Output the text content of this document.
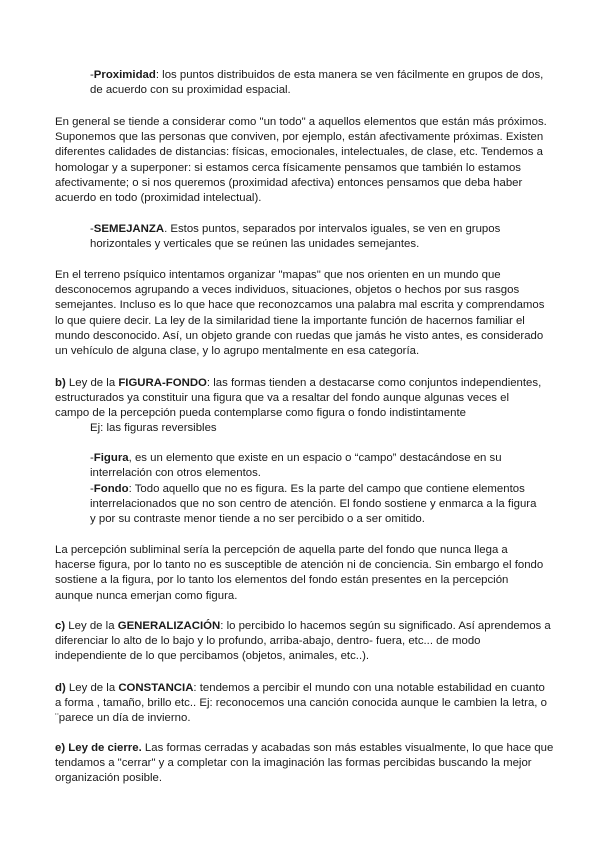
-Proximidad: los puntos distribuidos de esta manera se ven fácilmente en grupos de dos,
de acuerdo con su proximidad espacial.

En general se tiende a considerar como "un todo" a aquellos elementos que están más próximos.
Suponemos que las personas que conviven, por ejemplo, están afectivamente próximas. Existen
diferentes calidades de distancias: físicas, emocionales, intelectuales, de clase, etc. Tendemos a
homologar y a superponer: si estamos cerca físicamente pensamos que también lo estamos
afectivamente; o si nos queremos (proximidad afectiva) entonces pensamos que deba haber
acuerdo en todo (proximidad intelectual).

-SEMEJANZA. Estos puntos, separados por intervalos iguales, se ven en grupos
horizontales y verticales que se reúnen las unidades semejantes.

En el terreno psíquico intentamos organizar "mapas" que nos orienten en un mundo que
desconocemos agrupando a veces individuos, situaciones, objetos o hechos por sus rasgos
semejantes. Incluso es lo que hace que reconozcamos una palabra mal escrita y comprendamos
lo que quiere decir. La ley de la similaridad tiene la importante función de hacernos familiar el
mundo desconocido. Así, un objeto grande con ruedas que jamás he visto antes, es considerado
un vehículo de alguna clase, y lo agrupo mentalmente en esa categoría.

b) Ley de la FIGURA-FONDO: las formas tienden a destacarse como conjuntos independientes,
estructurados ya constituir una figura que va a resaltar del fondo aunque algunas veces el
campo de la percepción pueda contemplarse como figura o fondo indistintamente

Ej: las figuras reversibles

-Figura, es un elemento que existe en un espacio o “campo” destacándose en su
interrelación con otros elementos.

-Fondo: Todo aquello que no es figura. Es la parte del campo que contiene elementos
interrelacionados que no son centro de atención. El fondo sostiene y enmarca a la figura
y por su contraste menor tiende a no ser percibido o a ser omitido.

La percepción subliminal sería la percepción de aquella parte del fondo que nunca llega a
hacerse figura, por lo tanto no es susceptible de atención ni de conciencia. Sin embargo el fondo
sostiene a la figura, por lo tanto los elementos del fondo están presentes en la percepción
aunque nunca emerjan como figura.

c) Ley de la GENERALIZACIÓN: lo percibido lo hacemos según su significado. Así aprendemos a
diferenciar lo alto de lo bajo y lo profundo, arriba-abajo, dentro- fuera, etc... de modo
independiente de lo que percibamos (objetos, animales, etc..).

d) Ley de la CONSTANCIA: tendemos a percibir el mundo con una notable estabilidad en cuanto
a forma , tamaño, brillo etc.. Ej: reconocemos una canción conocida aunque le cambien la letra, o
¨parece un día de invierno.

e) Ley de cierre. Las formas cerradas y acabadas son más estables visualmente, lo que hace que
tendamos a "cerrar" y a completar con la imaginación las formas percibidas buscando la mejor
organización posible.
